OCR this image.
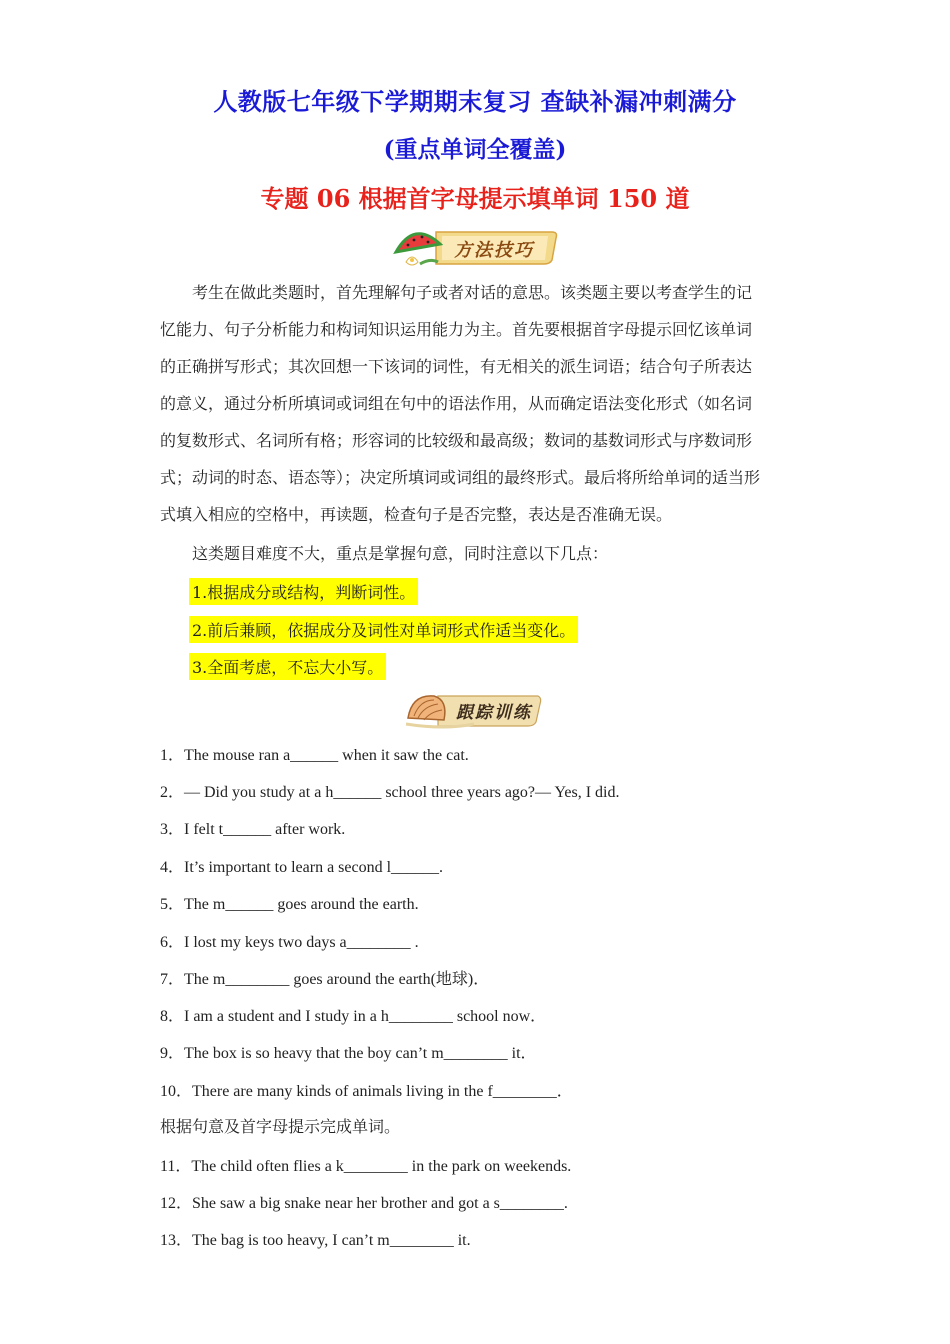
人教版七年级下学期期末复习 查缺补漏冲刺满分
(重点单词全覆盖)
专题 06 根据首字母提示填单词 150 道
方法技巧
考生在做此类题时，首先理解句子或者对话的意思。该类题主要以考查学生的记
忆能力、句子分析能力和构词知识运用能力为主。首先要根据首字母提示回忆该单词
的正确拼写形式；其次回想一下该词的词性，有无相关的派生词语；结合句子所表达
的意义，通过分析所填词或词组在句中的语法作用，从而确定语法变化形式（如名词
的复数形式、名词所有格；形容词的比较级和最高级；数词的基数词形式与序数词形
式；动词的时态、语态等）；决定所填词或词组的最终形式。最后将所给单词的适当形
式填入相应的空格中，再读题，检查句子是否完整，表达是否准确无误。
这类题目难度不大，重点是掌握句意，同时注意以下几点：
1.根据成分或结构，判断词性。
2.前后兼顾，依据成分及词性对单词形式作适当变化。
3.全面考虑，不忘大小写。
跟踪训练
1．The mouse ran a______ when it saw the cat.
2．— Did you study at a h______ school three years ago?— Yes, I did.
3．I felt t______ after work.
4．It’s important to learn a second l______.
5．The m______ goes around the earth.
6．I lost my keys two days a________ .
7．The m________ goes around the earth(地球)．
8．I am a student and I study in a h________ school now．
9．The box is so heavy that the boy can’t m________ it．
10．There are many kinds of animals living in the f________．
根据句意及首字母提示完成单词。
11．The child often flies a k________ in the park on weekends.
12．She saw a big snake near her brother and got a s________.
13．The bag is too heavy, I can’t m________ it.
